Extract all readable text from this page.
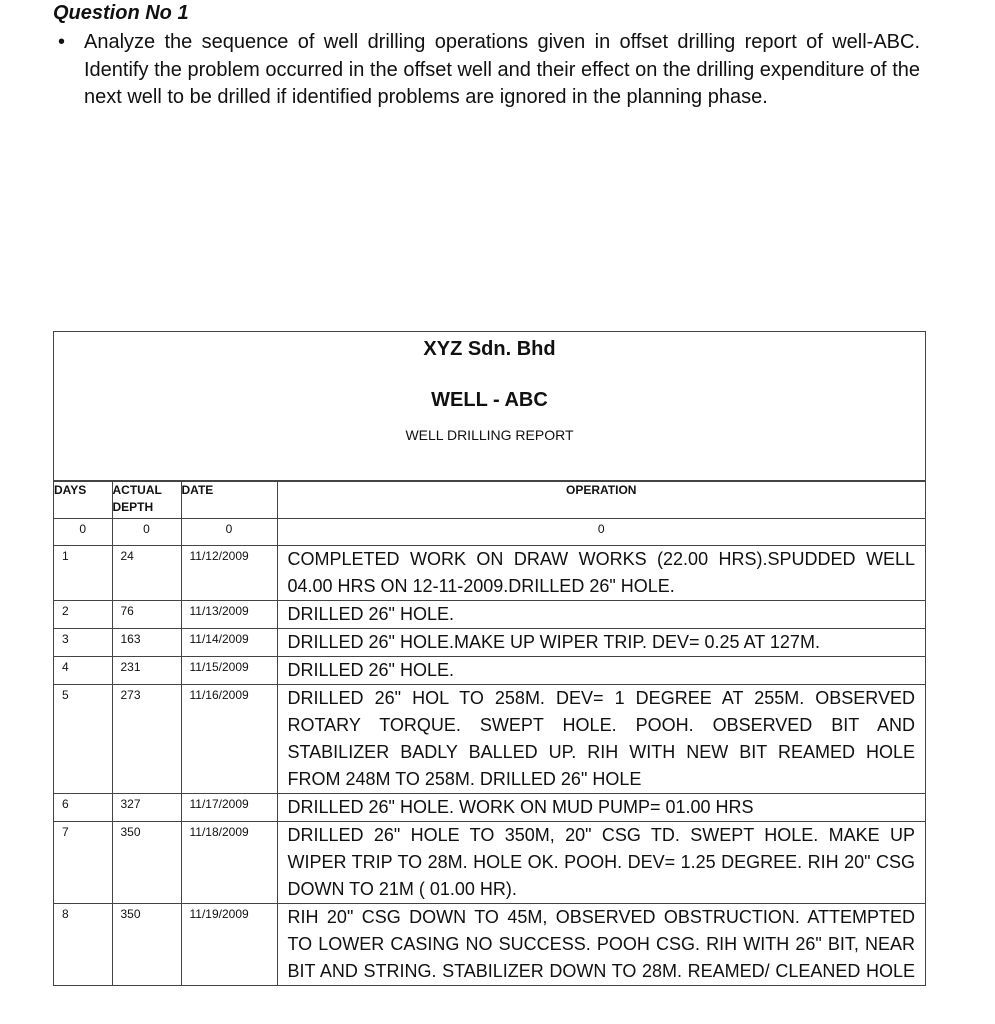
Question No 1
• Analyze the sequence of well drilling operations given in offset drilling report of well-ABC. Identify the problem occurred in the offset well and their effect on the drilling expenditure of the next well to be drilled if identified problems are ignored in the planning phase.
XYZ Sdn. Bhd
WELL - ABC
WELL DRILLING REPORT
DAYS	ACTUAL DEPTH	DATE	OPERATION
0	0	0	0
1	24	11/12/2009	COMPLETED WORK ON DRAW WORKS (22.00 HRS).SPUDDED WELL 04.00 HRS ON 12-11-2009.DRILLED 26" HOLE.
2	76	11/13/2009	DRILLED 26" HOLE.
3	163	11/14/2009	DRILLED 26" HOLE.MAKE UP WIPER TRIP. DEV= 0.25 AT 127M.
4	231	11/15/2009	DRILLED 26" HOLE.
5	273	11/16/2009	DRILLED 26" HOL TO 258M. DEV= 1 DEGREE AT 255M. OBSERVED ROTARY TORQUE. SWEPT HOLE. POOH. OBSERVED BIT AND STABILIZER BADLY BALLED UP. RIH WITH NEW BIT REAMED HOLE FROM 248M TO 258M. DRILLED 26" HOLE
6	327	11/17/2009	DRILLED 26" HOLE. WORK ON MUD PUMP= 01.00 HRS
7	350	11/18/2009	DRILLED 26" HOLE TO 350M, 20" CSG TD. SWEPT HOLE. MAKE UP WIPER TRIP TO 28M. HOLE OK. POOH. DEV= 1.25 DEGREE. RIH 20" CSG DOWN TO 21M ( 01.00 HR).
8	350	11/19/2009	RIH 20" CSG DOWN TO 45M, OBSERVED OBSTRUCTION. ATTEMPTED TO LOWER CASING NO SUCCESS. POOH CSG. RIH WITH 26" BIT, NEAR BIT AND STRING. STABILIZER DOWN TO 28M. REAMED/ CLEANED HOLE
